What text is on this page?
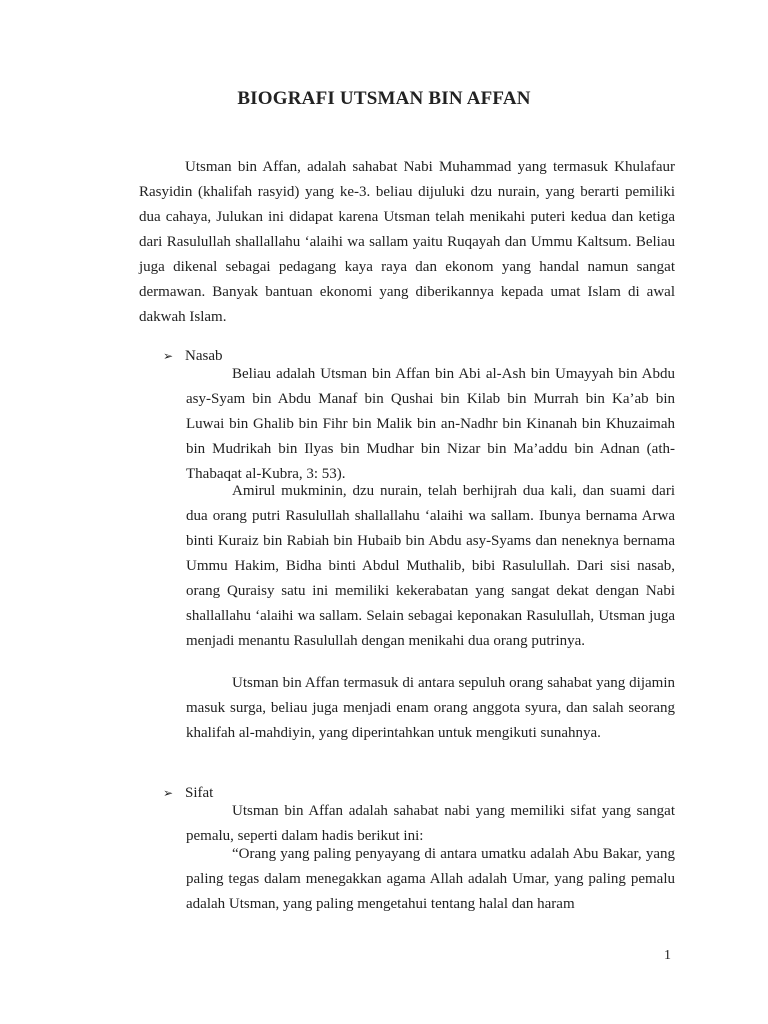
BIOGRAFI UTSMAN BIN AFFAN

Utsman bin Affan, adalah sahabat Nabi Muhammad yang termasuk Khulafaur Rasyidin (khalifah rasyid) yang ke-3. beliau dijuluki dzu nurain, yang berarti pemiliki dua cahaya, Julukan ini didapat karena Utsman telah menikahi puteri kedua dan ketiga dari Rasulullah shallallahu ‘alaihi wa sallam yaitu Ruqayah dan Ummu Kaltsum. Beliau juga dikenal sebagai pedagang kaya raya dan ekonom yang handal namun sangat dermawan. Banyak bantuan ekonomi yang diberikannya kepada umat Islam di awal dakwah Islam.

➢ Nasab

Beliau adalah Utsman bin Affan bin Abi al-Ash bin Umayyah bin Abdu asy-Syam bin Abdu Manaf bin Qushai bin Kilab bin Murrah bin Ka’ab bin Luwai bin Ghalib bin Fihr bin Malik bin an-Nadhr bin Kinanah bin Khuzaimah bin Mudrikah bin Ilyas bin Mudhar bin Nizar bin Ma’addu bin Adnan (ath-Thabaqat al-Kubra, 3: 53).

Amirul mukminin, dzu nurain, telah berhijrah dua kali, dan suami dari dua orang putri Rasulullah shallallahu ‘alaihi wa sallam. Ibunya bernama Arwa binti Kuraiz bin Rabiah bin Hubaib bin Abdu asy-Syams dan neneknya bernama Ummu Hakim, Bidha binti Abdul Muthalib, bibi Rasulullah. Dari sisi nasab, orang Quraisy satu ini memiliki kekerabatan yang sangat dekat dengan Nabi shallallahu ‘alaihi wa sallam. Selain sebagai keponakan Rasulullah, Utsman juga menjadi menantu Rasulullah dengan menikahi dua orang putrinya.

Utsman bin Affan termasuk di antara sepuluh orang sahabat yang dijamin masuk surga, beliau juga menjadi enam orang anggota syura, dan salah seorang khalifah al-mahdiyin, yang diperintahkan untuk mengikuti sunahnya.

➢ Sifat

Utsman bin Affan adalah sahabat nabi yang memiliki sifat yang sangat pemalu, seperti dalam hadis berikut ini:

“Orang yang paling penyayang di antara umatku adalah Abu Bakar, yang paling tegas dalam menegakkan agama Allah adalah Umar, yang paling pemalu adalah Utsman, yang paling mengetahui tentang halal dan haram

1
